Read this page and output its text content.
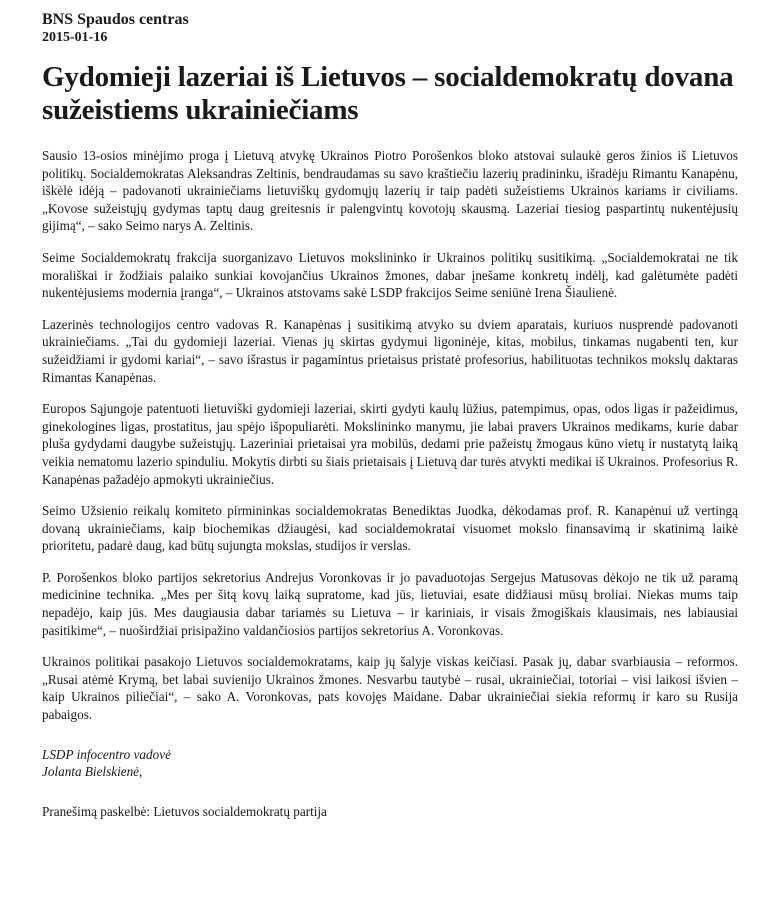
BNS Spaudos centras

2015-01-16

Gydomieji lazeriai iš Lietuvos – socialdemokratų dovana sužeistiems ukrainiečiams

Sausio 13-osios minėjimo proga į Lietuvą atvykę Ukrainos Piotro Porošenkos bloko atstovai sulaukė geros žinios iš Lietuvos politikų. Socialdemokratas Aleksandras Zeltinis, bendraudamas su savo kraštiečiu lazerių pradininku, išradėju Rimantu Kanapėnu, iškėlė idėją – padovanoti ukrainiečiams lietuviškų gydomųjų lazerių ir taip padėti sužeistiems Ukrainos kariams ir civiliams. „Kovose sužeistųjų gydymas taptų daug greitesnis ir palengvintų kovotojų skausmą. Lazeriai tiesiog paspartintų nukentėjusių gijimą“, – sako Seimo narys A. Zeltinis.

Seime Socialdemokratų frakcija suorganizavo Lietuvos mokslininko ir Ukrainos politikų susitikimą. „Socialdemokratai ne tik morališkai ir žodžiais palaiko sunkiai kovojančius Ukrainos žmones, dabar įnešame konkretų indėlį, kad galėtumėte padėti nukentėjusiems modernia įranga“, – Ukrainos atstovams sakė LSDP frakcijos Seime seniūnė Irena Šiaulienė.

Lazerinės technologijos centro vadovas R. Kanapėnas į susitikimą atvyko su dviem aparatais, kuriuos nusprendė padovanoti ukrainiečiams. „Tai du gydomieji lazeriai. Vienas jų skirtas gydymui ligoninėje, kitas, mobilus, tinkamas nugabenti ten, kur sužeidžiami ir gydomi kariai“, – savo išrastus ir pagamintus prietaisus pristatė profesorius, habilituotas technikos mokslų daktaras Rimantas Kanapėnas.

Europos Sąjungoje patentuoti lietuviški gydomieji lazeriai, skirti gydyti kaulų lūžius, patempimus, opas, odos ligas ir pažeidimus, ginekologines ligas, prostatitus, jau spėjo išpopuliarėti. Mokslininko manymu, jie labai pravers Ukrainos medikams, kurie dabar pluša gydydami daugybe sužeistųjų. Lazeriniai prietaisai yra mobilūs, dedami prie pažeistų žmogaus kūno vietų ir nustatytą laiką veikia nematomu lazerio spinduliu. Mokytis dirbti su šiais prietaisais į Lietuvą dar turės atvykti medikai iš Ukrainos. Profesorius R. Kanapėnas pažadėjo apmokyti ukrainiečius.

Seimo Užsienio reikalų komiteto pirmininkas socialdemokratas Benediktas Juodka, dėkodamas prof. R. Kanapėnui už vertingą dovaną ukrainiečiams, kaip biochemikas džiaugėsi, kad socialdemokratai visuomet mokslo finansavimą ir skatinimą laikė prioritetu, padarė daug, kad būtų sujungta mokslas, studijos ir verslas.

P. Porošenkos bloko partijos sekretorius Andrejus Voronkovas ir jo pavaduotojas Sergejus Matusovas dėkojo ne tik už paramą medicinine technika. „Mes per šitą kovų laiką supratome, kad jūs, lietuviai, esate didžiausi mūsų broliai. Niekas mums taip nepadėjo, kaip jūs. Mes daugiausia dabar tariamės su Lietuva – ir kariniais, ir visais žmogiškais klausimais, nes labiausiai pasitikime“, – nuoširdžiai prisipažino valdančiosios partijos sekretorius A. Voronkovas.

Ukrainos politikai pasakojo Lietuvos socialdemokratams, kaip jų šalyje viskas keičiasi. Pasak jų, dabar svarbiausia – reformos. „Rusai atėmė Krymą, bet labai suvienijo Ukrainos žmones. Nesvarbu tautybė – rusai, ukrainiečiai, totoriai – visi laikosi išvien – kaip Ukrainos piliečiai“, – sako A. Voronkovas, pats kovojęs Maidane. Dabar ukrainiečiai siekia reformų ir karo su Rusija pabaigos.

LSDP infocentro vadovė
Jolanta Bielskienė,

Pranešimą paskelbė: Lietuvos socialdemokratų partija
